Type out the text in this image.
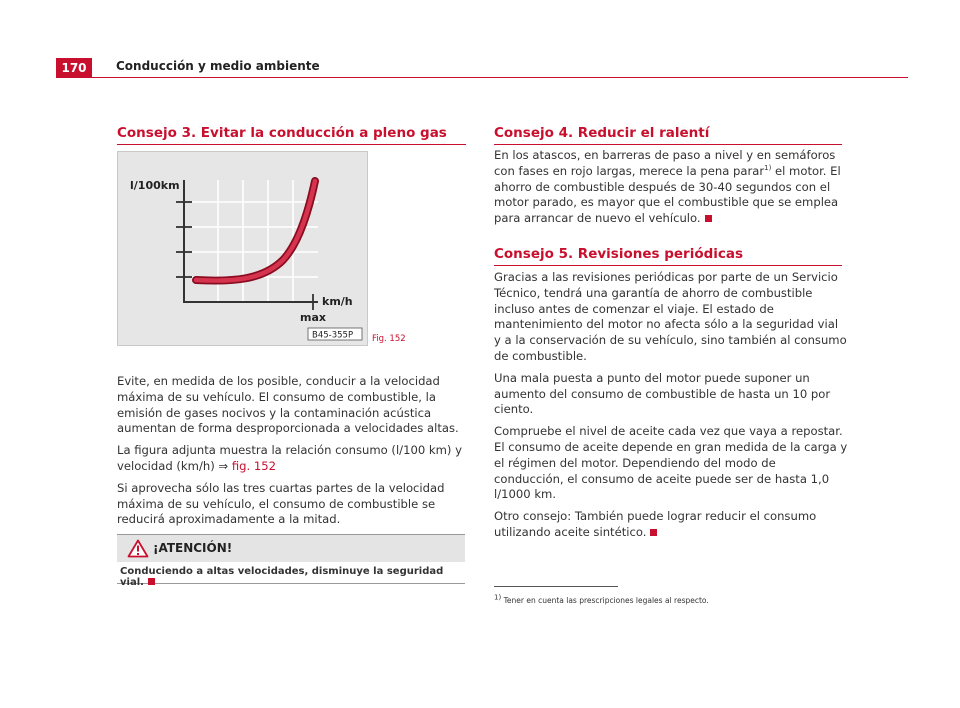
170	Conducción y medio ambiente
Consejo 3. Evitar la conducción a pleno gas
l/100km
km/h
max
B45-355P Fig. 152

Evite, en medida de los posible, conducir a la velocidad máxima de su vehículo. El consumo de combustible, la emisión de gases nocivos y la contaminación acústica aumentan de forma desproporcionada a velocidades altas.

La figura adjunta muestra la relación consumo (l/100 km) y velocidad (km/h) ⇒ fig. 152

Si aprovecha sólo las tres cuartas partes de la velocidad máxima de su vehículo, el consumo de combustible se reducirá aproximadamente a la mitad.

¡ATENCIÓN!
Conduciendo a altas velocidades, disminuye la seguridad vial.
Consejo 4. Reducir el ralentí

En los atascos, en barreras de paso a nivel y en semáforos con fases en rojo largas, merece la pena parar$^{1)}$ el motor. El ahorro de combustible después de 30-40 segundos con el motor parado, es mayor que el combustible que se emplea para arrancar de nuevo el vehículo.

Consejo 5. Revisiones periódicas

Gracias a las revisiones periódicas por parte de un Servicio Técnico, tendrá una garantía de ahorro de combustible incluso antes de comenzar el viaje. El estado de mantenimiento del motor no afecta sólo a la seguridad vial y a la conservación de su vehículo, sino también al consumo de combustible.

Una mala puesta a punto del motor puede suponer un aumento del consumo de combustible de hasta un 10 por ciento.

Compruebe el nivel de aceite cada vez que vaya a repostar. El consumo de aceite depende en gran medida de la carga y el régimen del motor. Dependiendo del modo de conducción, el consumo de aceite puede ser de hasta 1,0 l/1000 km.

Otro consejo: También puede lograr reducir el consumo utilizando aceite sintético.

$^{1)}$ Tener en cuenta las prescripciones legales al respecto.
